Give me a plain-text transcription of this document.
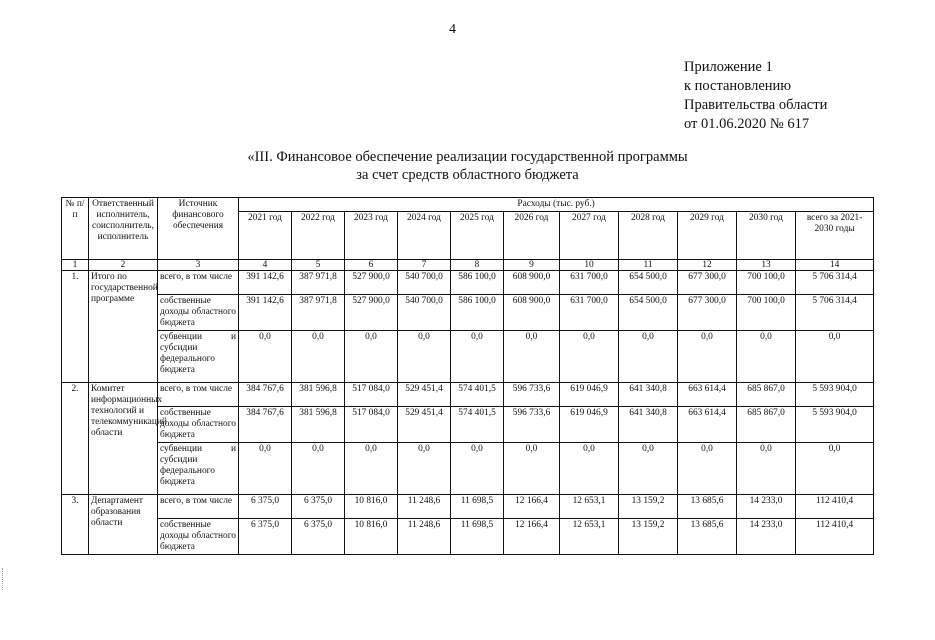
4
Приложение 1
к постановлению
Правительства области
от 01.06.2020 № 617
«III. Финансовое обеспечение реализации государственной программы
за счет средств областного бюджета
№ п/п	Ответственный исполнитель, соисполнитель, исполнитель	Источник финансового обеспечения	Расходы (тыс. руб.)										
			2021 год	2022 год	2023 год	2024 год	2025 год	2026 год	2027 год	2028 год	2029 год	2030 год	всего за 2021-2030 годы
1	2	3	4	5	6	7	8	9	10	11	12	13	14
1.	Итого по государственной программе	всего, в том числе	391 142,6	387 971,8	527 900,0	540 700,0	586 100,0	608 900,0	631 700,0	654 500,0	677 300,0	700 100,0	5 706 314,4
		собственные доходы областного бюджета	391 142,6	387 971,8	527 900,0	540 700,0	586 100,0	608 900,0	631 700,0	654 500,0	677 300,0	700 100,0	5 706 314,4
		субвенции и субсидии федерального бюджета	0,0	0,0	0,0	0,0	0,0	0,0	0,0	0,0	0,0	0,0	0,0
2.	Комитет информационных технологий и телекоммуникаций области	всего, в том числе	384 767,6	381 596,8	517 084,0	529 451,4	574 401,5	596 733,6	619 046,9	641 340,8	663 614,4	685 867,0	5 593 904,0
		собственные доходы областного бюджета	384 767,6	381 596,8	517 084,0	529 451,4	574 401,5	596 733,6	619 046,9	641 340,8	663 614,4	685 867,0	5 593 904,0
		субвенции и субсидии федерального бюджета	0,0	0,0	0,0	0,0	0,0	0,0	0,0	0,0	0,0	0,0	0,0
3.	Департамент образования области	всего, в том числе	6 375,0	6 375,0	10 816,0	11 248,6	11 698,5	12 166,4	12 653,1	13 159,2	13 685,6	14 233,0	112 410,4
		собственные доходы областного бюджета	6 375,0	6 375,0	10 816,0	11 248,6	11 698,5	12 166,4	12 653,1	13 159,2	13 685,6	14 233,0	112 410,4
